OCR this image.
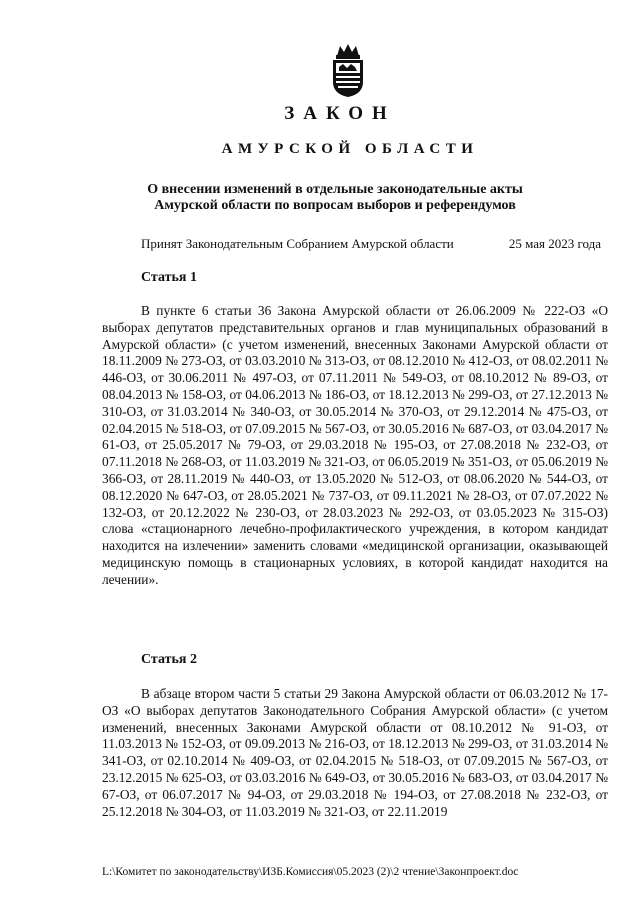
ЗАКОН
АМУРСКОЙ ОБЛАСТИ
О внесении изменений в отдельные законодательные акты
Амурской области по вопросам выборов и референдумов
Принят Законодательным Собранием Амурской области	25 мая 2023 года
Статья 1

В пункте 6 статьи 36 Закона Амурской области от 26.06.2009 № 222-ОЗ «О выборах депутатов представительных органов и глав муниципальных образований в Амурской области» (с учетом изменений, внесенных Законами Амурской области от 18.11.2009 № 273-ОЗ, от 03.03.2010 № 313-ОЗ, от 08.12.2010 № 412-ОЗ, от 08.02.2011 № 446-ОЗ, от 30.06.2011 № 497-ОЗ, от 07.11.2011 № 549-ОЗ, от 08.10.2012 № 89-ОЗ, от 08.04.2013 № 158-ОЗ, от 04.06.2013 № 186-ОЗ, от 18.12.2013 № 299-ОЗ, от 27.12.2013 № 310-ОЗ, от 31.03.2014 № 340-ОЗ, от 30.05.2014 № 370-ОЗ, от 29.12.2014 № 475-ОЗ, от 02.04.2015 № 518-ОЗ, от 07.09.2015 № 567-ОЗ, от 30.05.2016 № 687-ОЗ, от 03.04.2017 № 61-ОЗ, от 25.05.2017 № 79-ОЗ, от 29.03.2018 № 195-ОЗ, от 27.08.2018 № 232-ОЗ, от 07.11.2018 № 268-ОЗ, от 11.03.2019 № 321-ОЗ, от 06.05.2019 № 351-ОЗ, от 05.06.2019 № 366-ОЗ, от 28.11.2019 № 440-ОЗ, от 13.05.2020 № 512-ОЗ, от 08.06.2020 № 544-ОЗ, от 08.12.2020 № 647-ОЗ, от 28.05.2021 № 737-ОЗ, от 09.11.2021 № 28-ОЗ, от 07.07.2022 № 132-ОЗ, от 20.12.2022 № 230-ОЗ, от 28.03.2023 № 292-ОЗ, от 03.05.2023 № 315-ОЗ) слова «стационарного лечебно-профилактического учреждения, в котором кандидат находится на излечении» заменить словами «медицинской организации, оказывающей медицинскую помощь в стационарных условиях, в которой кандидат находится на лечении».

Статья 2

В абзаце втором части 5 статьи 29 Закона Амурской области от 06.03.2012 № 17-ОЗ «О выборах депутатов Законодательного Собрания Амурской области» (с учетом изменений, внесенных Законами Амурской области от 08.10.2012 № 91-ОЗ, от 11.03.2013 № 152-ОЗ, от 09.09.2013 № 216-ОЗ, от 18.12.2013 № 299-ОЗ, от 31.03.2014 № 341-ОЗ, от 02.10.2014 № 409-ОЗ, от 02.04.2015 № 518-ОЗ, от 07.09.2015 № 567-ОЗ, от 23.12.2015 № 625-ОЗ, от 03.03.2016 № 649-ОЗ, от 30.05.2016 № 683-ОЗ, от 03.04.2017 № 67-ОЗ, от 06.07.2017 № 94-ОЗ, от 29.03.2018 № 194-ОЗ, от 27.08.2018 № 232-ОЗ, от 25.12.2018 № 304-ОЗ, от 11.03.2019 № 321-ОЗ, от 22.11.2019

L:\Комитет по законодательству\ИЗБ.Комиссия\05.2023 (2)\2 чтение\Законпроект.doc
